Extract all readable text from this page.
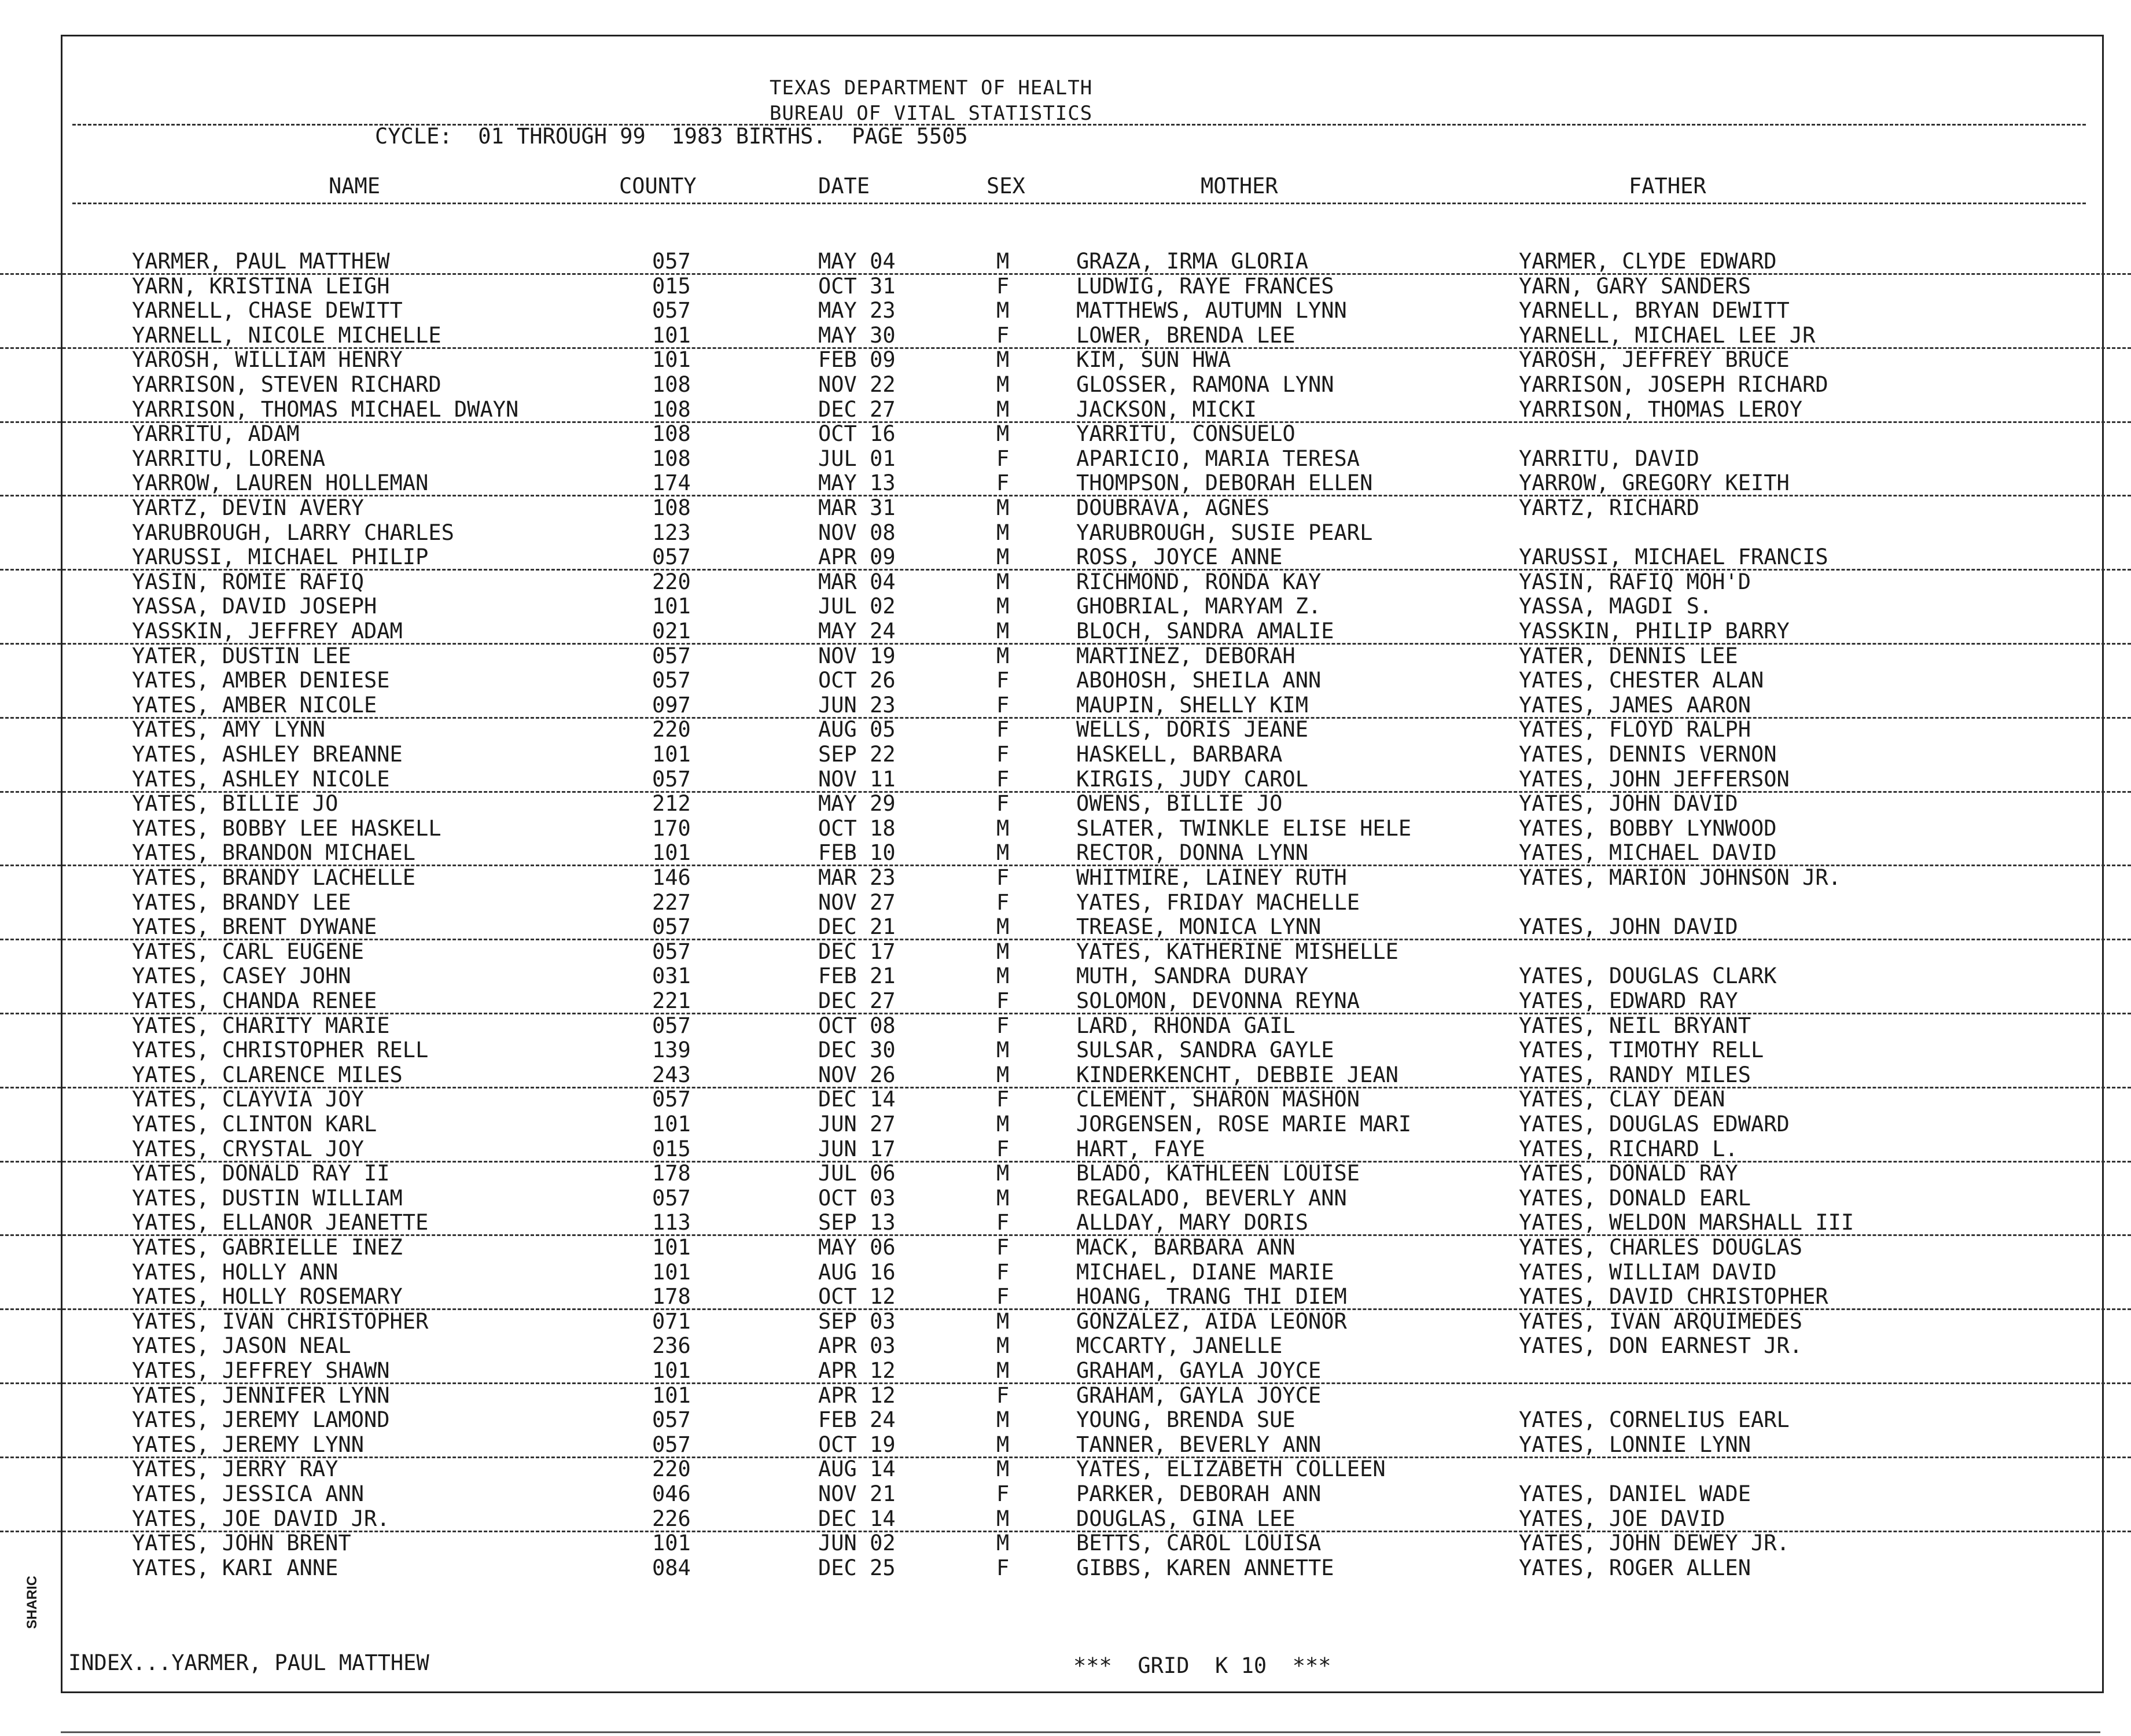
TEXAS DEPARTMENT OF HEALTH
BUREAU OF VITAL STATISTICS
CYCLE:  01 THROUGH 99  1983 BIRTHS.  PAGE 5505
NAME	COUNTY	DATE	SEX	MOTHER	FATHER
YARMER, PAUL MATTHEW	057	MAY 04	M	GRAZA, IRMA GLORIA	YARMER, CLYDE EDWARD
YARN, KRISTINA LEIGH	015	OCT 31	F	LUDWIG, RAYE FRANCES	YARN, GARY SANDERS
YARNELL, CHASE DEWITT	057	MAY 23	M	MATTHEWS, AUTUMN LYNN	YARNELL, BRYAN DEWITT
YARNELL, NICOLE MICHELLE	101	MAY 30	F	LOWER, BRENDA LEE	YARNELL, MICHAEL LEE JR
YAROSH, WILLIAM HENRY	101	FEB 09	M	KIM, SUN HWA	YAROSH, JEFFREY BRUCE
YARRISON, STEVEN RICHARD	108	NOV 22	M	GLOSSER, RAMONA LYNN	YARRISON, JOSEPH RICHARD
YARRISON, THOMAS MICHAEL DWAYN	108	DEC 27	M	JACKSON, MICKI	YARRISON, THOMAS LEROY
YARRITU, ADAM	108	OCT 16	M	YARRITU, CONSUELO
YARRITU, LORENA	108	JUL 01	F	APARICIO, MARIA TERESA	YARRITU, DAVID
YARROW, LAUREN HOLLEMAN	174	MAY 13	F	THOMPSON, DEBORAH ELLEN	YARROW, GREGORY KEITH
YARTZ, DEVIN AVERY	108	MAR 31	M	DOUBRAVA, AGNES	YARTZ, RICHARD
YARUBROUGH, LARRY CHARLES	123	NOV 08	M	YARUBROUGH, SUSIE PEARL
YARUSSI, MICHAEL PHILIP	057	APR 09	M	ROSS, JOYCE ANNE	YARUSSI, MICHAEL FRANCIS
YASIN, ROMIE RAFIQ	220	MAR 04	M	RICHMOND, RONDA KAY	YASIN, RAFIQ MOH'D
YASSA, DAVID JOSEPH	101	JUL 02	M	GHOBRIAL, MARYAM Z.	YASSA, MAGDI S.
YASSKIN, JEFFREY ADAM	021	MAY 24	M	BLOCH, SANDRA AMALIE	YASSKIN, PHILIP BARRY
YATER, DUSTIN LEE	057	NOV 19	M	MARTINEZ, DEBORAH	YATER, DENNIS LEE
YATES, AMBER DENIESE	057	OCT 26	F	ABOHOSH, SHEILA ANN	YATES, CHESTER ALAN
YATES, AMBER NICOLE	097	JUN 23	F	MAUPIN, SHELLY KIM	YATES, JAMES AARON
YATES, AMY LYNN	220	AUG 05	F	WELLS, DORIS JEANE	YATES, FLOYD RALPH
YATES, ASHLEY BREANNE	101	SEP 22	F	HASKELL, BARBARA	YATES, DENNIS VERNON
YATES, ASHLEY NICOLE	057	NOV 11	F	KIRGIS, JUDY CAROL	YATES, JOHN JEFFERSON
YATES, BILLIE JO	212	MAY 29	F	OWENS, BILLIE JO	YATES, JOHN DAVID
YATES, BOBBY LEE HASKELL	170	OCT 18	M	SLATER, TWINKLE ELISE HELE	YATES, BOBBY LYNWOOD
YATES, BRANDON MICHAEL	101	FEB 10	M	RECTOR, DONNA LYNN	YATES, MICHAEL DAVID
YATES, BRANDY LACHELLE	146	MAR 23	F	WHITMIRE, LAINEY RUTH	YATES, MARION JOHNSON JR.
YATES, BRANDY LEE	227	NOV 27	F	YATES, FRIDAY MACHELLE
YATES, BRENT DYWANE	057	DEC 21	M	TREASE, MONICA LYNN	YATES, JOHN DAVID
YATES, CARL EUGENE	057	DEC 17	M	YATES, KATHERINE MISHELLE
YATES, CASEY JOHN	031	FEB 21	M	MUTH, SANDRA DURAY	YATES, DOUGLAS CLARK
YATES, CHANDA RENEE	221	DEC 27	F	SOLOMON, DEVONNA REYNA	YATES, EDWARD RAY
YATES, CHARITY MARIE	057	OCT 08	F	LARD, RHONDA GAIL	YATES, NEIL BRYANT
YATES, CHRISTOPHER RELL	139	DEC 30	M	SULSAR, SANDRA GAYLE	YATES, TIMOTHY RELL
YATES, CLARENCE MILES	243	NOV 26	M	KINDERKENCHT, DEBBIE JEAN	YATES, RANDY MILES
YATES, CLAYVIA JOY	057	DEC 14	F	CLEMENT, SHARON MASHON	YATES, CLAY DEAN
YATES, CLINTON KARL	101	JUN 27	M	JORGENSEN, ROSE MARIE MARI	YATES, DOUGLAS EDWARD
YATES, CRYSTAL JOY	015	JUN 17	F	HART, FAYE	YATES, RICHARD L.
YATES, DONALD RAY II	178	JUL 06	M	BLADO, KATHLEEN LOUISE	YATES, DONALD RAY
YATES, DUSTIN WILLIAM	057	OCT 03	M	REGALADO, BEVERLY ANN	YATES, DONALD EARL
YATES, ELLANOR JEANETTE	113	SEP 13	F	ALLDAY, MARY DORIS	YATES, WELDON MARSHALL III
YATES, GABRIELLE INEZ	101	MAY 06	F	MACK, BARBARA ANN	YATES, CHARLES DOUGLAS
YATES, HOLLY ANN	101	AUG 16	F	MICHAEL, DIANE MARIE	YATES, WILLIAM DAVID
YATES, HOLLY ROSEMARY	178	OCT 12	F	HOANG, TRANG THI DIEM	YATES, DAVID CHRISTOPHER
YATES, IVAN CHRISTOPHER	071	SEP 03	M	GONZALEZ, AIDA LEONOR	YATES, IVAN ARQUIMEDES
YATES, JASON NEAL	236	APR 03	M	MCCARTY, JANELLE	YATES, DON EARNEST JR.
YATES, JEFFREY SHAWN	101	APR 12	M	GRAHAM, GAYLA JOYCE
YATES, JENNIFER LYNN	101	APR 12	F	GRAHAM, GAYLA JOYCE
YATES, JEREMY LAMOND	057	FEB 24	M	YOUNG, BRENDA SUE	YATES, CORNELIUS EARL
YATES, JEREMY LYNN	057	OCT 19	M	TANNER, BEVERLY ANN	YATES, LONNIE LYNN
YATES, JERRY RAY	220	AUG 14	M	YATES, ELIZABETH COLLEEN
YATES, JESSICA ANN	046	NOV 21	F	PARKER, DEBORAH ANN	YATES, DANIEL WADE
YATES, JOE DAVID JR.	226	DEC 14	M	DOUGLAS, GINA LEE	YATES, JOE DAVID
YATES, JOHN BRENT	101	JUN 02	M	BETTS, CAROL LOUISA	YATES, JOHN DEWEY JR.
YATES, KARI ANNE	084	DEC 25	F	GIBBS, KAREN ANNETTE	YATES, ROGER ALLEN
INDEX...YARMER, PAUL MATTHEW	***  GRID  K 10  ***
SHARIC
